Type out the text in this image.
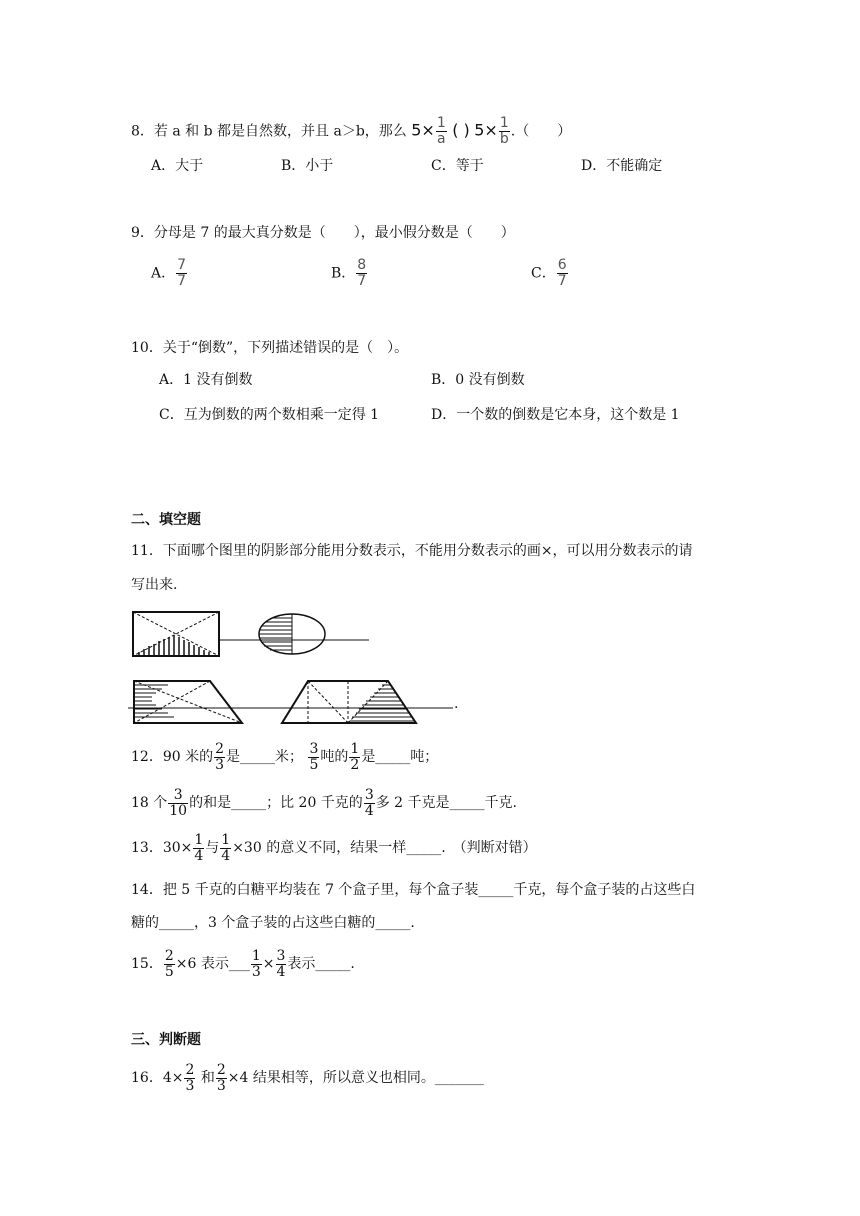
8．若 a 和 b 都是自然数，并且 a＞b，那么 $5\times \frac{1}{a}$ ( ) $5\times \frac{1}{b}$ .（　　）
A．大于	B．小于	C．等于	D．不能确定
9．分母是 7 的最大真分数是（　　），最小假分数是（　　）
A． $\frac{7}{7}$	B． $\frac{8}{7}$	C． $\frac{6}{7}$
10．关于“倒数”，下列描述错误的是（　）。
A．1 没有倒数	B．0 没有倒数
C．互为倒数的两个数相乘一定得 1	D．一个数的倒数是它本身，这个数是 1
二、填空题
11．下面哪个图里的阴影部分能用分数表示，不能用分数表示的画×，可以用分数表示的请
写出来.
.
12．90 米的 $\frac{2}{3}$ 是_____米； $\frac{3}{5}$ 吨的 $\frac{1}{2}$ 是_____吨；
18 个 $\frac{3}{10}$ 的和是_____；比 20 千克的 $\frac{3}{4}$ 多 2 千克是_____千克.
13．$30\times \frac{1}{4}$ 与 $\frac{1}{4} \times 30$ 的意义不同，结果一样_____.　（判断对错）
14．把 5 千克的白糖平均装在 7 个盒子里，每个盒子装_____千克，每个盒子装的占这些白
糖的_____，3 个盒子装的占这些白糖的_____.
15． $\frac{2}{5} \times 6$ 表示___ $\frac{1}{3} \times \frac{3}{4}$ 表示_____.
三、判断题
16．$4\times \frac{2}{3}$ 和 $\frac{2}{3} \times 4$ 结果相等，所以意义也相同。_______
